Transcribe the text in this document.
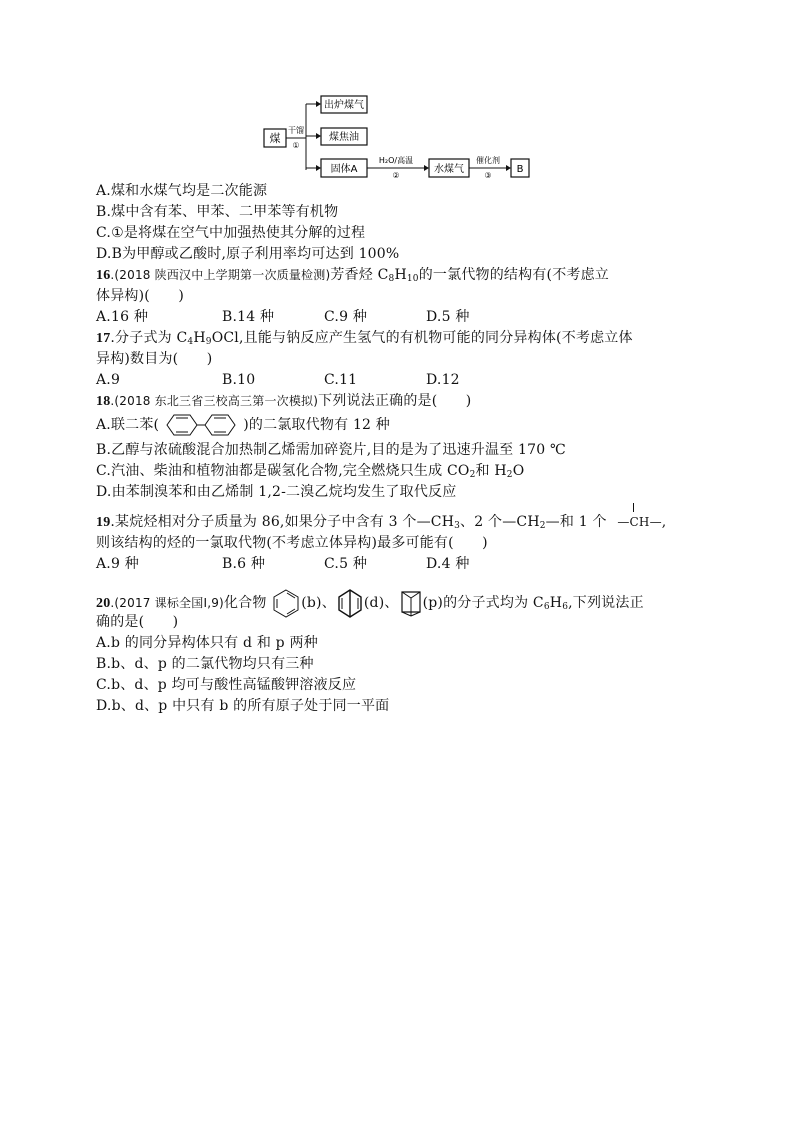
煤
干馏
①
出炉煤气
煤焦油
固体A
H₂O/高温
②
水煤气
催化剂
③
B
A.煤和水煤气均是二次能源
B.煤中含有苯、甲苯、二甲苯等有机物
C.①是将煤在空气中加强热使其分解的过程
D.B为甲醇或乙酸时,原子利用率均可达到 100%
16.(2018 陕西汉中上学期第一次质量检测)芳香烃 $C_8H_{10}$的一氯代物的结构有(不考虑立
体异构)(　　)
A.16 种	B.14 种	C.9 种	D.5 种
17.分子式为 $C_4H_9OCl$,且能与钠反应产生氢气的有机物可能的同分异构体(不考虑立体
异构)数目为(　　)
A.9	B.10	C.11	D.12
18.(2018 东北三省三校高三第一次模拟)下列说法正确的是(　　)
A.联二苯(	)的二氯取代物有 12 种
B.乙醇与浓硫酸混合加热制乙烯需加碎瓷片,目的是为了迅速升温至 170 ℃
C.汽油、柴油和植物油都是碳氢化合物,完全燃烧只生成 $CO_2$和 $H_2O$
D.由苯制溴苯和由乙烯制 1,2-二溴乙烷均发生了取代反应
19.某烷烃相对分子质量为 86,如果分子中含有 3 个$—CH_3$、2 个$—CH_2—$和 1 个 —CH—,
则该结构的烃的一氯取代物(不考虑立体异构)最多可能有(　　)
A.9 种	B.6 种	C.5 种	D.4 种
20.(2017 课标全国Ⅰ,9)化合物 (b)、 (d)、 (p)的分子式均为 $C_6H_6$,下列说法正
确的是(　　)
A.b 的同分异构体只有 d 和 p 两种
B.b、d、p 的二氯代物均只有三种
C.b、d、p 均可与酸性高锰酸钾溶液反应
D.b、d、p 中只有 b 的所有原子处于同一平面
